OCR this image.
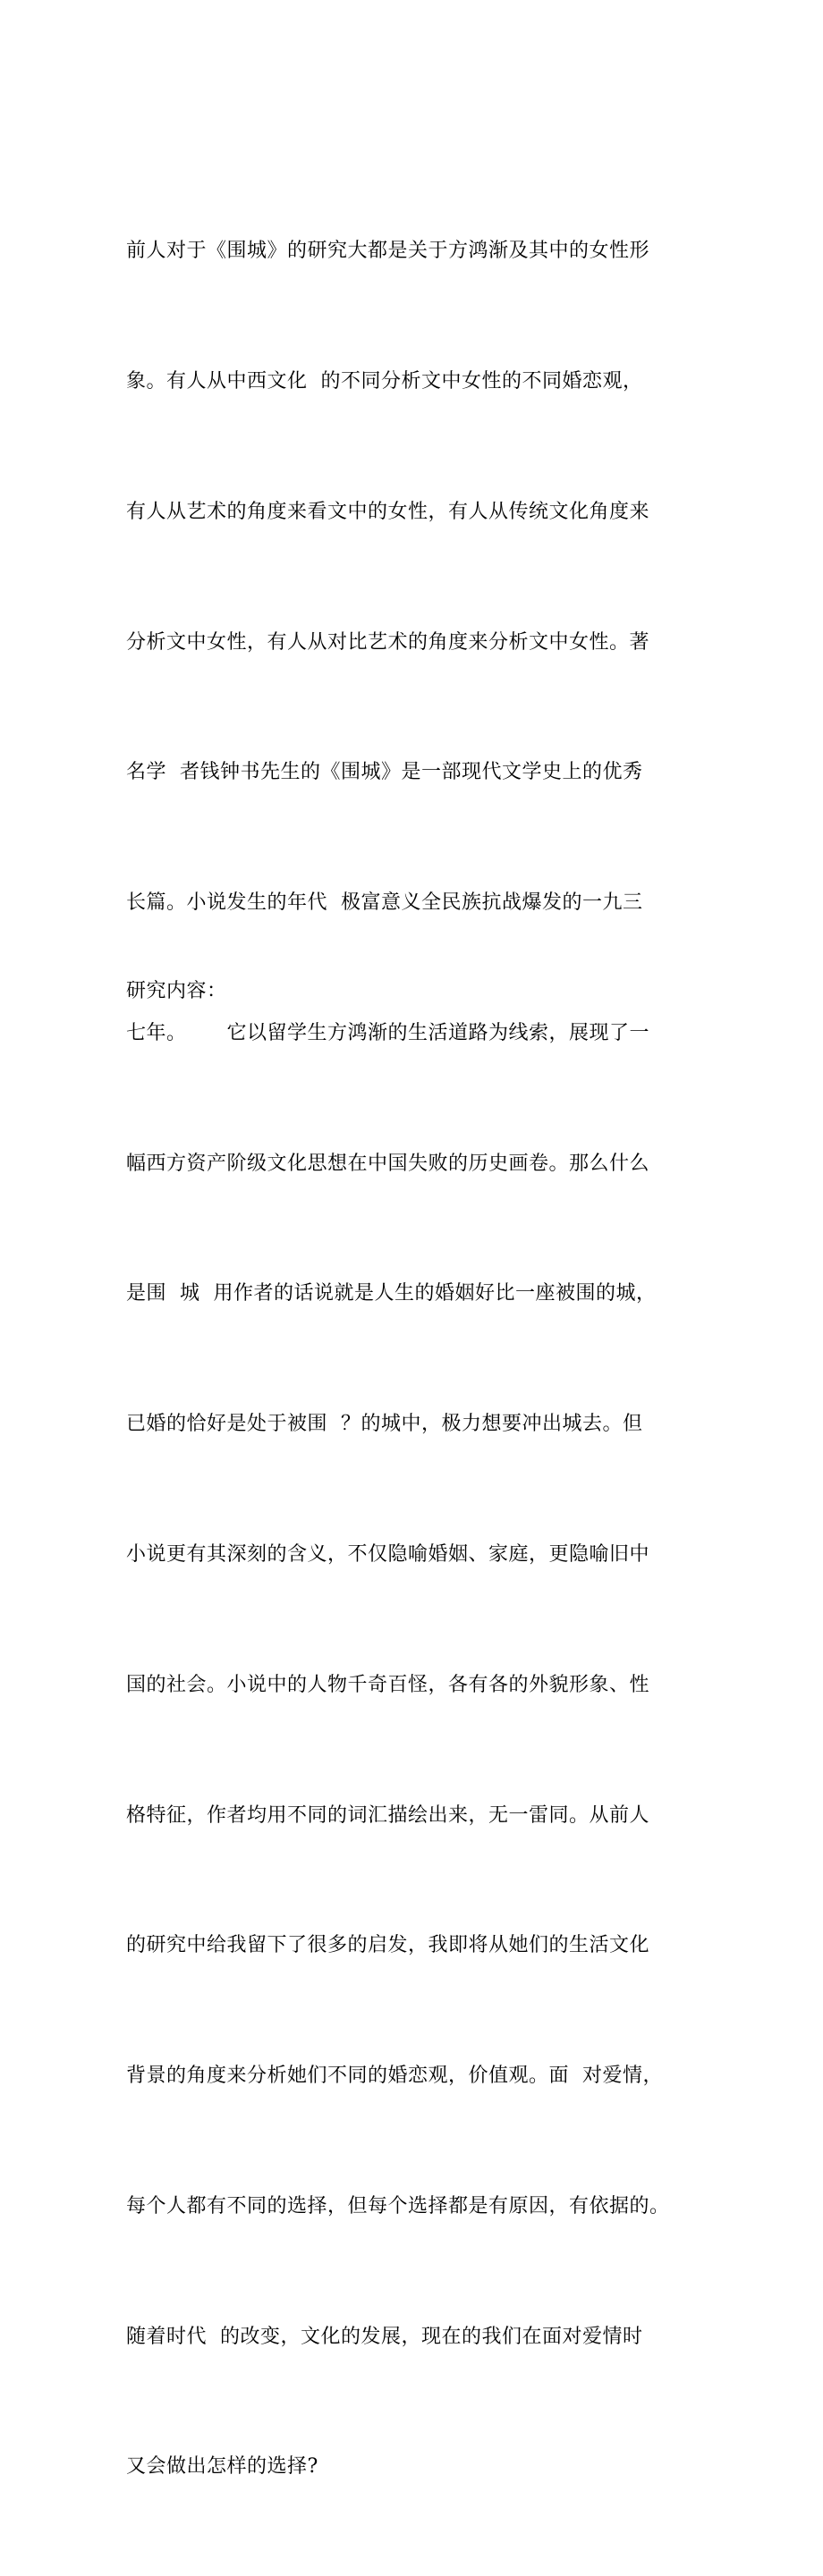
前人对于《围城》的研究大都是关于方鸿渐及其中的女性形

象。有人从中西文化  的不同分析文中女性的不同婚恋观，

有人从艺术的角度来看文中的女性，有人从传统文化角度来

分析文中女性，有人从对比艺术的角度来分析文中女性。著

名学  者钱钟书先生的《围城》是一部现代文学史上的优秀

长篇。小说发生的年代  极富意义全民族抗战爆发的一九三

七年。      它以留学生方鸿渐的生活道路为线索，展现了一

幅西方资产阶级文化思想在中国失败的历史画卷。那么什么

是围  城  用作者的话说就是人生的婚姻好比一座被围的城，

已婚的恰好是处于被围  ？的城中，极力想要冲出城去。但

小说更有其深刻的含义，不仅隐喻婚姻、家庭，更隐喻旧中

国的社会。小说中的人物千奇百怪，各有各的外貌形象、性

格特征，作者均用不同的词汇描绘出来，无一雷同。从前人

的研究中给我留下了很多的启发，我即将从她们的生活文化

背景的角度来分析她们不同的婚恋观，价值观。面  对爱情，

每个人都有不同的选择，但每个选择都是有原因，有依据的。

随着时代  的改变，文化的发展，现在的我们在面对爱情时

又会做出怎样的选择?

研究内容：
